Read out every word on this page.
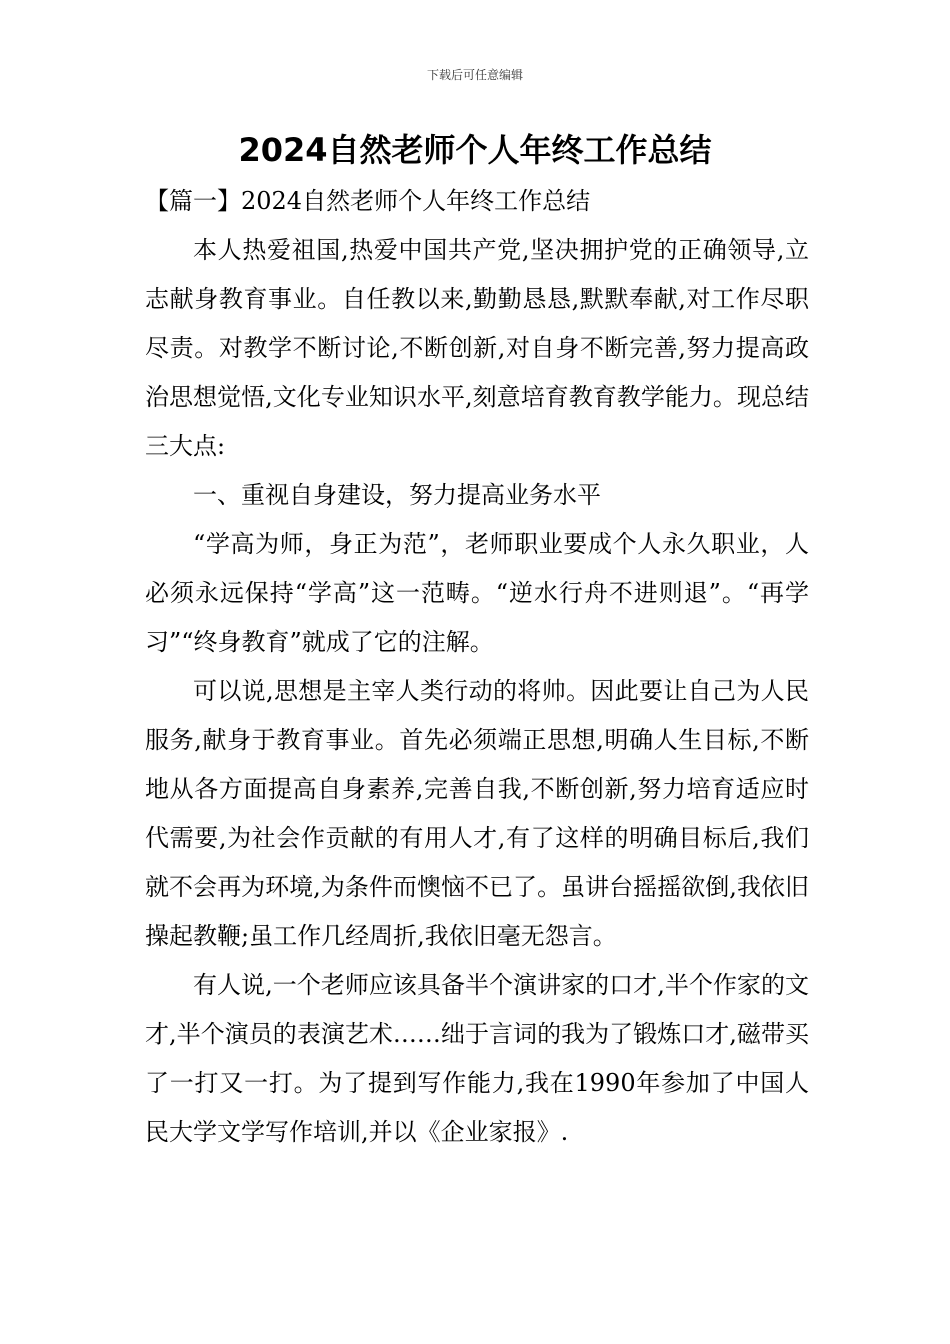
下载后可任意编辑
2024自然老师个人年终工作总结

【篇一】2024自然老师个人年终工作总结

本人热爱祖国,热爱中国共产党,坚决拥护党的正确领导,立志献身教育事业。自任教以来,勤勤恳恳,默默奉献,对工作尽职尽责。对教学不断讨论,不断创新,对自身不断完善,努力提高政治思想觉悟,文化专业知识水平,刻意培育教育教学能力。现总结三大点:

一、重视自身建设，努力提高业务水平

“学高为师，身正为范”，老师职业要成个人永久职业，人必须永远保持“学高”这一范畴。“逆水行舟不进则退”。“再学习”“终身教育”就成了它的注解。

可以说,思想是主宰人类行动的将帅。因此要让自己为人民服务,献身于教育事业。首先必须端正思想,明确人生目标,不断地从各方面提高自身素养,完善自我,不断创新,努力培育适应时代需要,为社会作贡献的有用人才,有了这样的明确目标后,我们就不会再为环境,为条件而懊恼不已了。虽讲台摇摇欲倒,我依旧操起教鞭;虽工作几经周折,我依旧毫无怨言。

有人说,一个老师应该具备半个演讲家的口才,半个作家的文才,半个演员的表演艺术……绌于言词的我为了锻炼口才,磁带买了一打又一打。为了提到写作能力,我在1990年参加了中国人民大学文学写作培训,并以《企业家报》.
